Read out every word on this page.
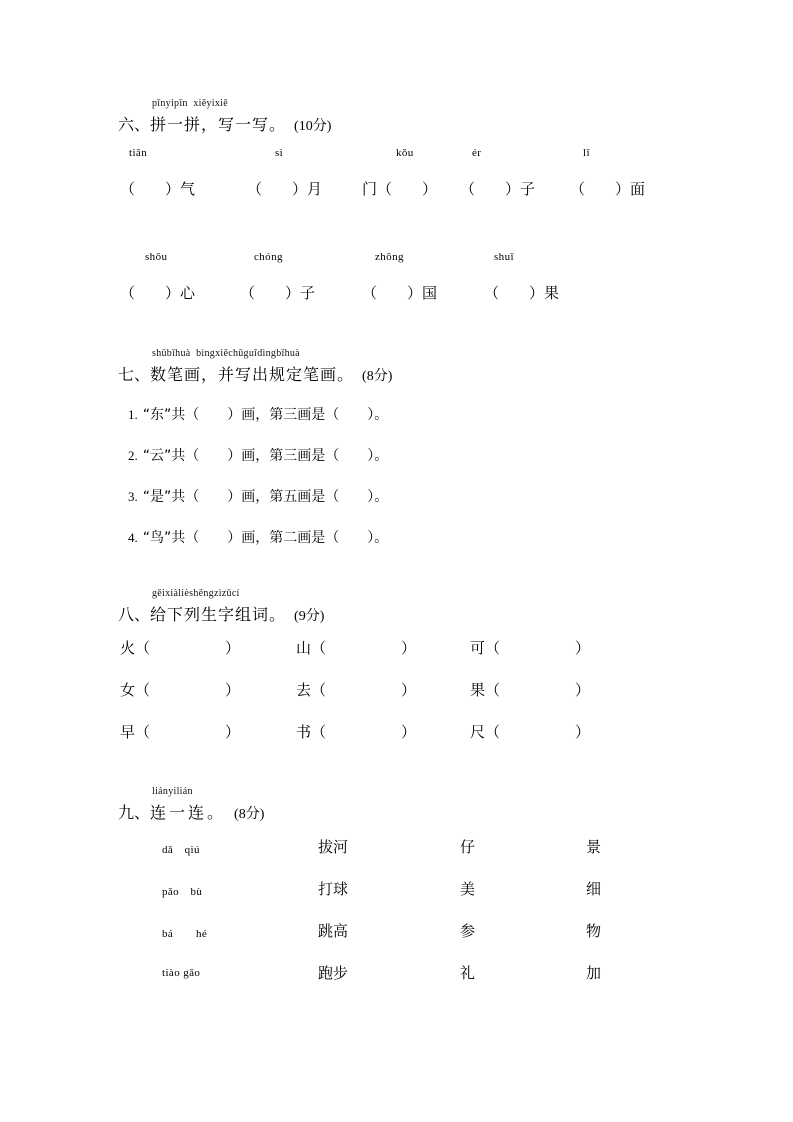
pīnyipīn  xiěyixiě
六、拼一拼，写一写。 (10分)
tiān	sì	kǒu	ér	lǐ
（　　）气	（　　）月	门（　　） （　　）子 （　　）面
shǒu	chóng	zhōng	shuǐ
（　　）心	（　　）子	（　　）国	（　　）果
shǔbǐhuà  bìngxiěchūguīdìngbǐhuà
七、数笔画，并写出规定笔画。 (8分)
1. “东”共（　　）画，第三画是（　　）。
2. “云”共（　　）画，第三画是（　　）。
3. “是”共（　　）画，第五画是（　　）。
4. “鸟”共（　　）画，第二画是（　　）。
gěixiàlièshēngzìzǔcí
八、给下列生字组词。 (9分)
火（　　　　　）	山（　　　　　）	可（　　　　　）
女（　　　　　）	去（　　　　　）	果（　　　　　）
早（　　　　　）	书（　　　　　）	尺（　　　　　）
liányilián
九、连一连。 (8分)
dǎ　qiú	拔河	仔	景
pǎo　bù	打球	美	细
bá　　hé	跳高	参	物
tiào gāo	跑步	礼	加
